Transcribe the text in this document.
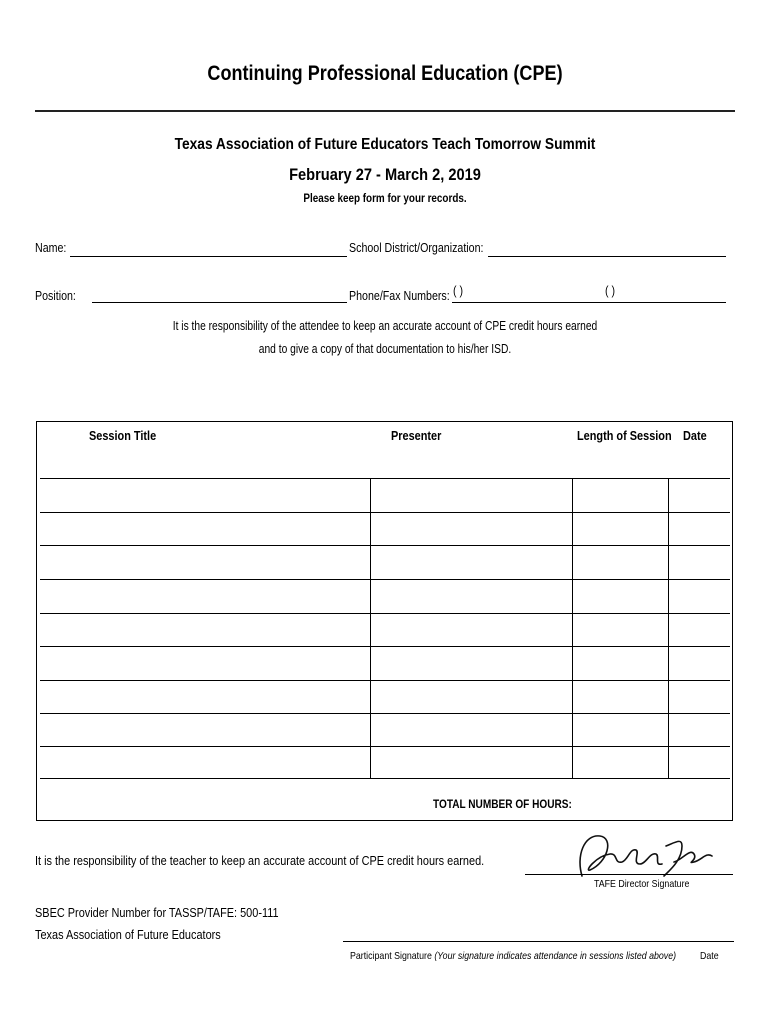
Continuing Professional Education (CPE)
Texas Association of Future Educators Teach Tomorrow Summit
February 27 - March 2, 2019
Please keep form for your records.
Name:	School District/Organization:
Position:	Phone/Fax Numbers: ( )	( )
It is the responsibility of the attendee to keep an accurate account of CPE credit hours earned
and to give a copy of that documentation to his/her ISD.
Session Title	Presenter	Length of Session Date
TOTAL NUMBER OF HOURS:
It is the responsibility of the teacher to keep an accurate account of CPE credit hours earned.
TAFE Director Signature
SBEC Provider Number for TASSP/TAFE: 500-111
Texas Association of Future Educators
Participant Signature (Your signature indicates attendance in sessions listed above) Date
